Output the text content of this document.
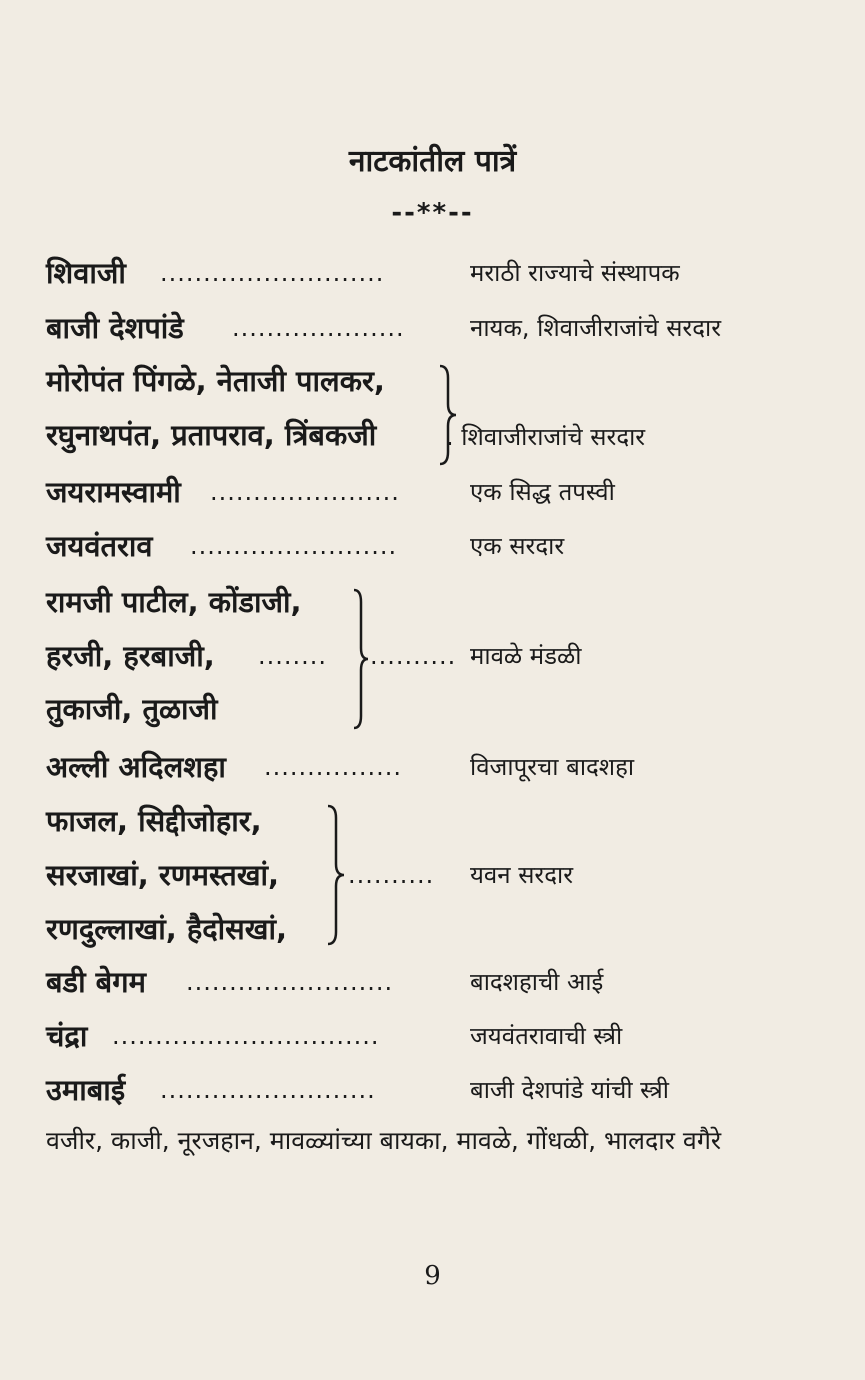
नाटकांतील पात्रें
--**--
शिवाजी ..........................	मराठी राज्याचे संस्थापक
बाजी देशपांडे ....................	नायक, शिवाजीराजांचे सरदार
मोरोपंत पिंगळे, नेताजी पालकर,
रघुनाथपंत, प्रतापराव, त्रिंबकजी	. शिवाजीराजांचे सरदार
जयरामस्वामी ......................	एक सिद्ध तपस्वी
जयवंतराव ........................	एक सरदार
रामजी पाटील, कोंडाजी,
हरजी, हरबाजी, ........
तुकाजी, तुळाजी
.......... मावळे मंडळी
अल्ली अदिलशहा ................	विजापूरचा बादशहा
फाजल, सिद्दीजोहार,
सरजाखां, रणमस्तखां,
रणदुल्लाखां, हैदोसखां,
..........	यवन सरदार
बडी बेगम ........................	बादशहाची आई
चंद्रा ...............................	जयवंतरावाची स्त्री
उमाबाई .........................	बाजी देशपांडे यांची स्त्री
वजीर, काजी, नूरजहान, मावळ्यांच्या बायका, मावळे, गोंधळी, भालदार वगैरे
9
